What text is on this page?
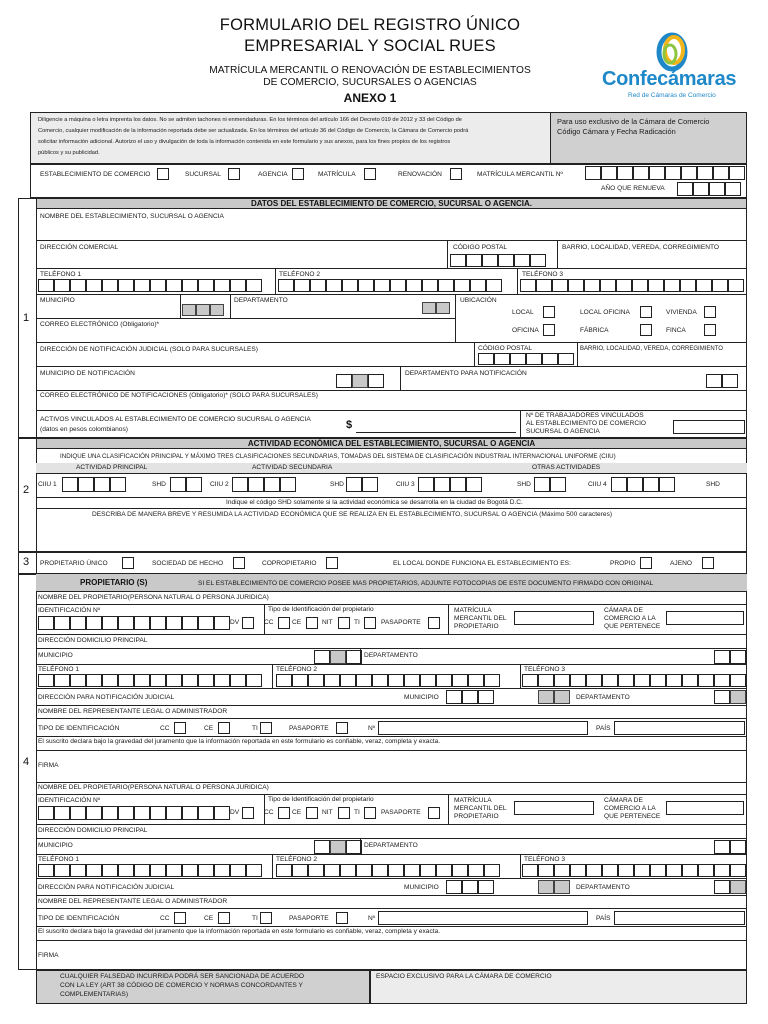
FORMULARIO DEL REGISTRO ÚNICO
EMPRESARIAL Y SOCIAL RUES
MATRÍCULA MERCANTIL O RENOVACIÓN DE ESTABLECIMIENTOS
DE COMERCIO, SUCURSALES O AGENCIAS
ANEXO 1
Confecámaras
Red de Cámaras de Comercio
Diligencie a máquina o letra imprenta los datos. No se admiten tachones ni enmendaduras. En los términos del artículo 166 del Decreto 019 de 2012 y 33 del Código de
Comercio, cualquier modificación de la información reportada debe ser actualizada. En los términos del artículo 36 del Código de Comercio, la Cámara de Comercio podrá
solicitar información adicional. Autorizo el uso y divulgación de toda la información contenida en este formulario y sus anexos, para los fines propios de los registros
públicos y su publicidad.
Para uso exclusivo de la Cámara de Comercio
Código Cámara y Fecha Radicación
ESTABLECIMIENTO DE COMERCIO	SUCURSAL	AGENCIA	MATRÍCULA	RENOVACIÓN	MATRÍCULA MERCANTIL Nº
AÑO QUE RENUEVA
1
DATOS DEL ESTABLECIMIENTO DE COMERCIO, SUCURSAL O AGENCIA.
NOMBRE DEL ESTABLECIMIENTO, SUCURSAL O AGENCIA
DIRECCIÓN COMERCIAL	CÓDIGO POSTAL	BARRIO, LOCALIDAD, VEREDA, CORREGIMIENTO
TELÉFONO 1	TELÉFONO 2	TELÉFONO 3
MUNICIPIO	DEPARTAMENTO	UBICACIÓN
LOCAL	LOCAL OFICINA	VIVIENDA
OFICINA	FÁBRICA	FINCA
CORREO ELECTRÓNICO (Obligatorio)*
DIRECCIÓN DE NOTIFICACIÓN JUDICIAL (SOLO PARA SUCURSALES)	CÓDIGO POSTAL	BARRIO, LOCALIDAD, VEREDA, CORREGIMIENTO
MUNICIPIO DE NOTIFICACIÓN	DEPARTAMENTO PARA NOTIFICACIÓN
CORREO ELECTRÓNICO DE NOTIFICACIONES (Obligatorio)* (SOLO PARA SUCURSALES)
ACTIVOS VINCULADOS AL ESTABLECIMIENTO DE COMERCIO SUCURSAL O AGENCIA
(datos en pesos colombianos)	$
Nº DE TRABAJADORES VINCULADOS
AL ESTABLECIMIENTO DE COMERCIO
SUCURSAL O AGENCIA
2
ACTIVIDAD ECONÓMICA DEL ESTABLECIMIENTO, SUCURSAL O AGENCIA
INDIQUE UNA CLASIFICACIÓN PRINCIPAL Y MÁXIMO TRES CLASIFICACIONES SECUNDARIAS, TOMADAS DEL SISTEMA DE CLASIFICACIÓN INDUSTRIAL INTERNACIONAL UNIFORME (CIIU)
ACTIVIDAD PRINCIPAL	ACTIVIDAD SECUNDARIA	OTRAS ACTIVIDADES
CIIU 1	SHD	CIIU 2	SHD	CIIU 3	SHD	CIIU 4	SHD
Indique el código SHD solamente si la actividad económica se desarrolla en la ciudad de Bogotá D.C.
DESCRIBA DE MANERA BREVE Y RESUMIDA LA ACTIVIDAD ECONÓMICA QUE SE REALIZA EN EL ESTABLECIMIENTO, SUCURSAL O AGENCIA (Máximo 500 caracteres)
3 PROPIETARIO ÚNICO	SOCIEDAD DE HECHO	COPROPIETARIO	EL LOCAL DONDE FUNCIONA EL ESTABLECIMIENTO ES:	PROPIO	AJENO
4
PROPIETARIO (S)	SI EL ESTABLECIMIENTO DE COMERCIO POSEE MAS PROPIETARIOS, ADJUNTE FOTOCOPIAS DE ESTE DOCUMENTO FIRMADO CON ORIGINAL
NOMBRE DEL PROPIETARIO(PERSONA NATURAL O PERSONA JURIDICA)
IDENTIFICACIÓN Nº
DV
Tipo de Identificación del propietario
CC	CE	NIT	TI	PASAPORTE
MATRÍCULA
MERCANTIL DEL
PROPIETARIO
CÁMARA DE
COMERCIO A LA
QUE PERTENECE
DIRECCIÓN DOMICILIO PRINCIPAL
MUNICIPIO	DEPARTAMENTO
TELÉFONO 1	TELÉFONO 2	TELÉFONO 3
DIRECCIÓN PARA NOTIFICACIÓN JUDICIAL	MUNICIPIO	DEPARTAMENTO
NOMBRE DEL REPRESENTANTE LEGAL O ADMINISTRADOR
TIPO DE IDENTIFICACIÓN	CC	CE	TI	PASAPORTE	Nº	PAÍS
El suscrito declara bajo la gravedad del juramento que la información reportada en este formulario es confiable, veraz, completa y exacta.
FIRMA
NOMBRE DEL PROPIETARIO(PERSONA NATURAL O PERSONA JURIDICA)
IDENTIFICACIÓN Nº
DV
Tipo de Identificación del propietario
CC	CE	NIT	TI	PASAPORTE
MATRÍCULA
MERCANTIL DEL
PROPIETARIO
CÁMARA DE
COMERCIO A LA
QUE PERTENECE
DIRECCIÓN DOMICILIO PRINCIPAL
MUNICIPIO	DEPARTAMENTO
TELÉFONO 1	TELÉFONO 2	TELÉFONO 3
DIRECCIÓN PARA NOTIFICACIÓN JUDICIAL	MUNICIPIO	DEPARTAMENTO
NOMBRE DEL REPRESENTANTE LEGAL O ADMINISTRADOR
TIPO DE IDENTIFICACIÓN	CC	CE	TI	PASAPORTE	Nº	PAÍS
El suscrito declara bajo la gravedad del juramento que la información reportada en este formulario es confiable, veraz, completa y exacta.
FIRMA
CUALQUIER FALSEDAD INCURRIDA PODRÁ SER SANCIONADA DE ACUERDO
CON LA LEY (ART 38 CÓDIGO DE COMERCIO Y NORMAS CONCORDANTES Y
COMPLEMENTARIAS)
ESPACIO EXCLUSIVO PARA LA CÁMARA DE COMERCIO
